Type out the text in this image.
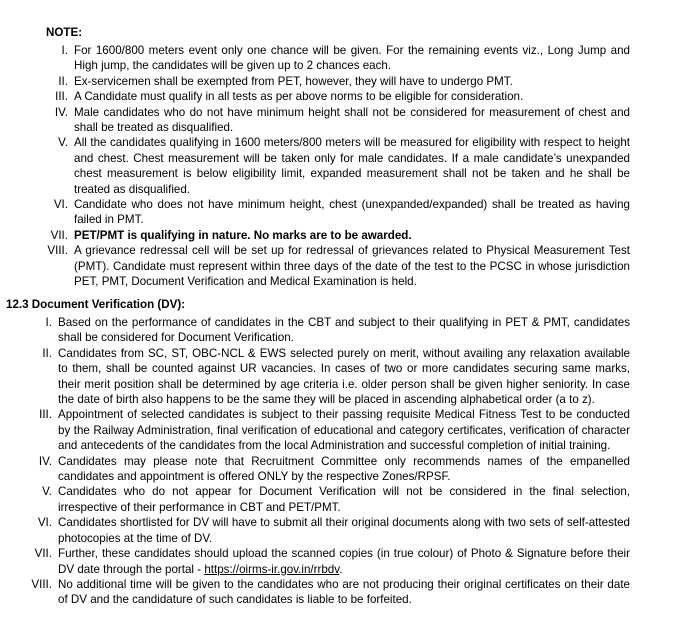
NOTE:

I. For 1600/800 meters event only one chance will be given. For the remaining events viz., Long Jump and High jump, the candidates will be given up to 2 chances each.
II. Ex-servicemen shall be exempted from PET, however, they will have to undergo PMT.
III. A Candidate must qualify in all tests as per above norms to be eligible for consideration.
IV. Male candidates who do not have minimum height shall not be considered for measurement of chest and shall be treated as disqualified.
V. All the candidates qualifying in 1600 meters/800 meters will be measured for eligibility with respect to height and chest. Chest measurement will be taken only for male candidates. If a male candidate’s unexpanded chest measurement is below eligibility limit, expanded measurement shall not be taken and he shall be treated as disqualified.
VI. Candidate who does not have minimum height, chest (unexpanded/expanded) shall be treated as having failed in PMT.
VII. PET/PMT is qualifying in nature. No marks are to be awarded.
VIII. A grievance redressal cell will be set up for redressal of grievances related to Physical Measurement Test (PMT). Candidate must represent within three days of the date of the test to the PCSC in whose jurisdiction PET, PMT, Document Verification and Medical Examination is held.

12.3 Document Verification (DV):

I. Based on the performance of candidates in the CBT and subject to their qualifying in PET & PMT, candidates shall be considered for Document Verification.
II. Candidates from SC, ST, OBC-NCL & EWS selected purely on merit, without availing any relaxation available to them, shall be counted against UR vacancies. In cases of two or more candidates securing same marks, their merit position shall be determined by age criteria i.e. older person shall be given higher seniority. In case the date of birth also happens to be the same they will be placed in ascending alphabetical order (a to z).
III. Appointment of selected candidates is subject to their passing requisite Medical Fitness Test to be conducted by the Railway Administration, final verification of educational and category certificates, verification of character and antecedents of the candidates from the local Administration and successful completion of initial training.
IV. Candidates may please note that Recruitment Committee only recommends names of the empanelled candidates and appointment is offered ONLY by the respective Zones/RPSF.
V. Candidates who do not appear for Document Verification will not be considered in the final selection, irrespective of their performance in CBT and PET/PMT.
VI. Candidates shortlisted for DV will have to submit all their original documents along with two sets of self-attested photocopies at the time of DV.
VII. Further, these candidates should upload the scanned copies (in true colour) of Photo & Signature before their DV date through the portal - https://oirms-ir.gov.in/rrbdv.
VIII. No additional time will be given to the candidates who are not producing their original certificates on their date of DV and the candidature of such candidates is liable to be forfeited.
